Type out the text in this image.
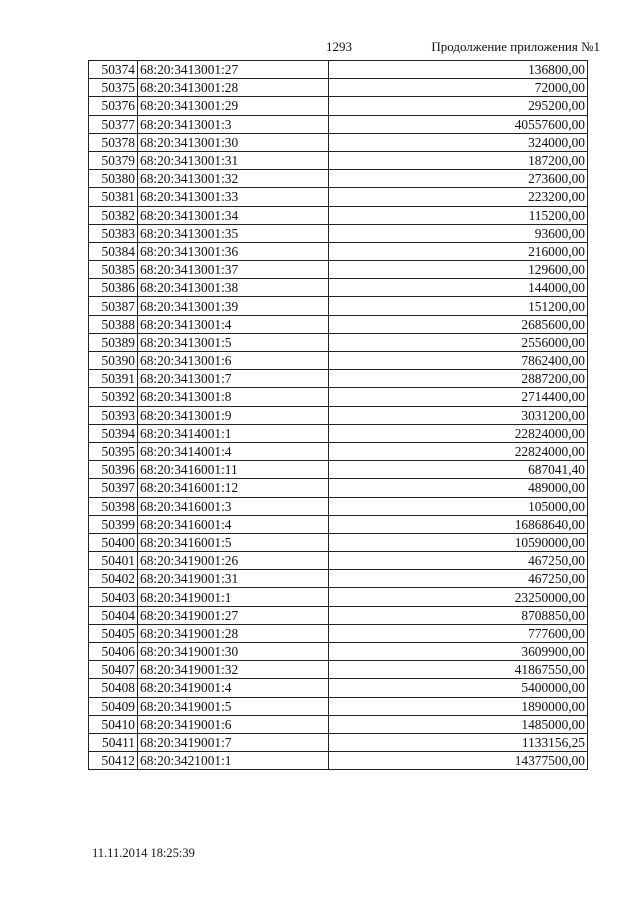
1293	Продолжение приложения №1
50374	68:20:3413001:27	136800,00
50375	68:20:3413001:28	72000,00
50376	68:20:3413001:29	295200,00
50377	68:20:3413001:3	40557600,00
50378	68:20:3413001:30	324000,00
50379	68:20:3413001:31	187200,00
50380	68:20:3413001:32	273600,00
50381	68:20:3413001:33	223200,00
50382	68:20:3413001:34	115200,00
50383	68:20:3413001:35	93600,00
50384	68:20:3413001:36	216000,00
50385	68:20:3413001:37	129600,00
50386	68:20:3413001:38	144000,00
50387	68:20:3413001:39	151200,00
50388	68:20:3413001:4	2685600,00
50389	68:20:3413001:5	2556000,00
50390	68:20:3413001:6	7862400,00
50391	68:20:3413001:7	2887200,00
50392	68:20:3413001:8	2714400,00
50393	68:20:3413001:9	3031200,00
50394	68:20:3414001:1	22824000,00
50395	68:20:3414001:4	22824000,00
50396	68:20:3416001:11	687041,40
50397	68:20:3416001:12	489000,00
50398	68:20:3416001:3	105000,00
50399	68:20:3416001:4	16868640,00
50400	68:20:3416001:5	10590000,00
50401	68:20:3419001:26	467250,00
50402	68:20:3419001:31	467250,00
50403	68:20:3419001:1	23250000,00
50404	68:20:3419001:27	8708850,00
50405	68:20:3419001:28	777600,00
50406	68:20:3419001:30	3609900,00
50407	68:20:3419001:32	41867550,00
50408	68:20:3419001:4	5400000,00
50409	68:20:3419001:5	1890000,00
50410	68:20:3419001:6	1485000,00
50411	68:20:3419001:7	1133156,25
50412	68:20:3421001:1	14377500,00
11.11.2014 18:25:39
